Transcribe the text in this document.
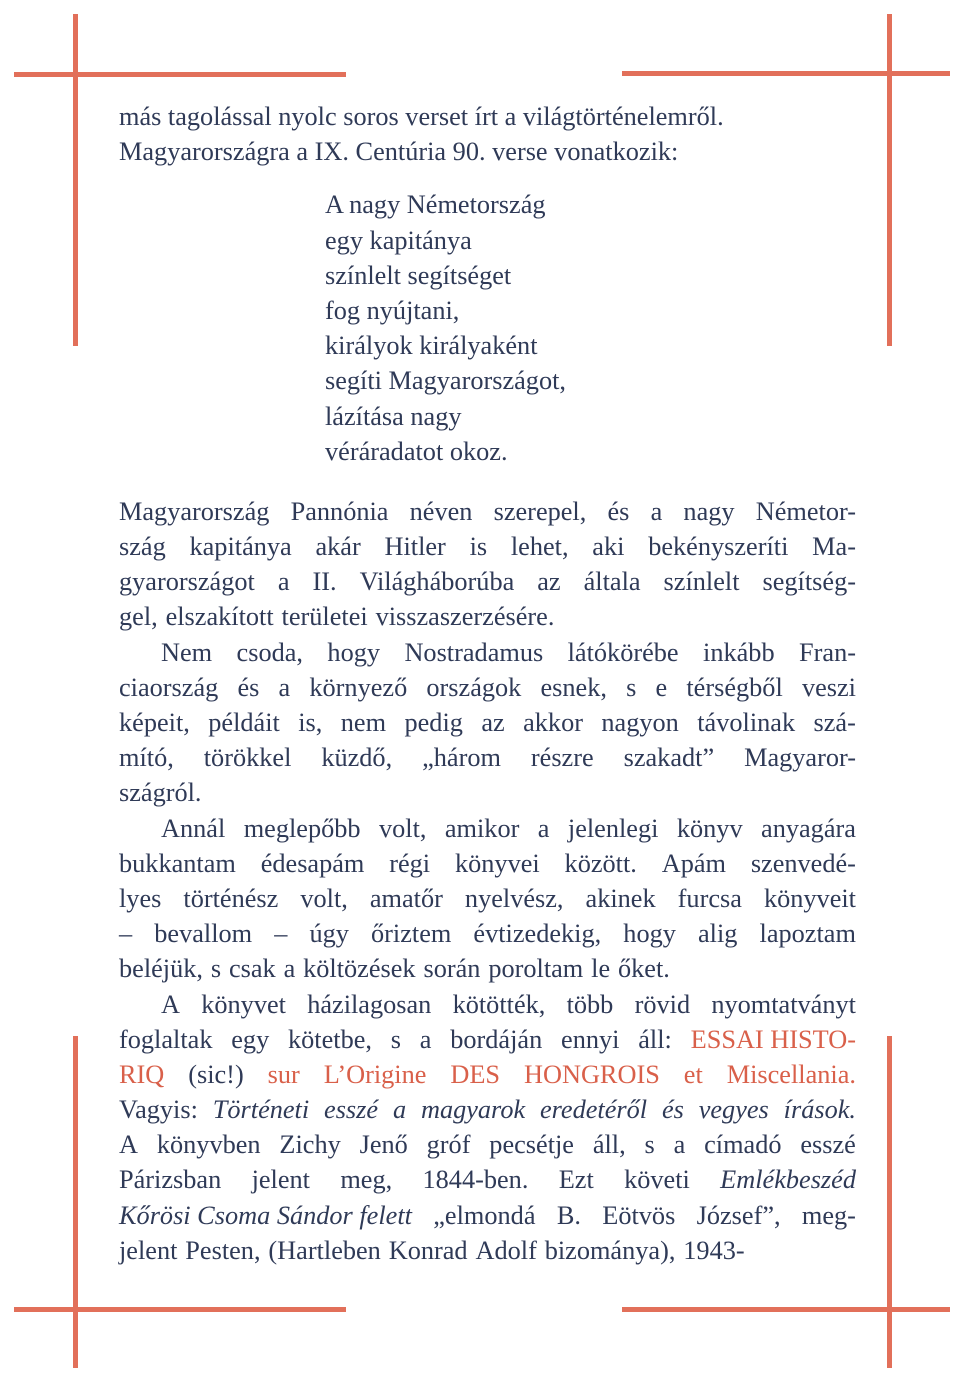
más tagolással nyolc soros verset írt a világtörténelemről.
Magyarországra a IX. Centúria 90. verse vonatkozik:
A nagy Németország
egy kapitánya
színlelt segítséget
fog nyújtani,
királyok királyaként
segíti Magyarországot,
lázítása nagy
véráradatot okoz.
Magyarország Pannónia néven szerepel, és a nagy Németor-
szág kapitánya akár Hitler is lehet, aki bekényszeríti Ma-
gyarországot a II. Világháborúba az általa színlelt segítség-
gel, elszakított területei visszaszerzésére.
Nem csoda, hogy Nostradamus látókörébe inkább Fran-
ciaország és a környező országok esnek, s e térségből veszi
képeit, példáit is, nem pedig az akkor nagyon távolinak szá-
mító, törökkel küzdő, „három részre szakadt” Magyaror-
szágról.
Annál meglepőbb volt, amikor a jelenlegi könyv anyagára
bukkantam édesapám régi könyvei között. Apám szenvedé-
lyes történész volt, amatőr nyelvész, akinek furcsa könyveit
– bevallom – úgy őriztem évtizedekig, hogy alig lapoztam
beléjük, s csak a költözések során poroltam le őket.
A könyvet házilagosan kötötték, több rövid nyomtatványt
foglaltak egy kötetbe, s a bordáján ennyi áll: ESSAI HISTO-
RIQ (sic!) sur L’Origine DES HONGROIS et Miscellania.
Vagyis: Történeti esszé a magyarok eredetéről és vegyes írások.
A könyvben Zichy Jenő gróf pecsétje áll, s a címadó esszé
Párizsban jelent meg, 1844-ben. Ezt követi Emlékbeszéd
Kőrösi Csoma Sándor felett „elmondá B. Eötvös József”, meg-
jelent Pesten, (Hartleben Konrad Adolf bizománya), 1943-
